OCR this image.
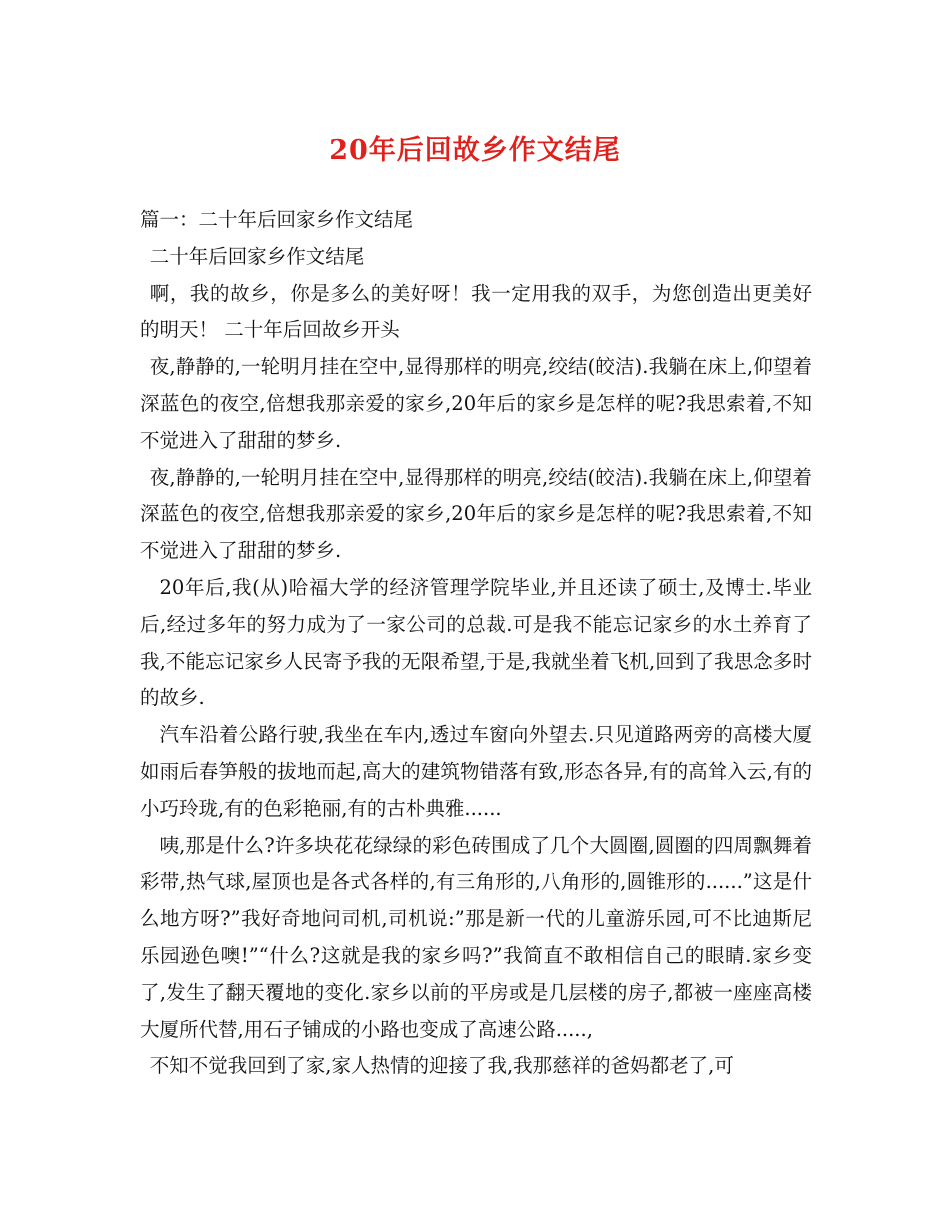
20年后回故乡作文结尾

篇一：二十年后回家乡作文结尾

二十年后回家乡作文结尾

啊，我的故乡，你是多么的美好呀！我一定用我的双手，为您创造出更美好的明天！ 二十年后回故乡开头

夜,静静的,一轮明月挂在空中,显得那样的明亮,绞结(皎洁).我躺在床上,仰望着深蓝色的夜空,倍想我那亲爱的家乡,20年后的家乡是怎样的呢?我思索着,不知不觉进入了甜甜的梦乡.

夜,静静的,一轮明月挂在空中,显得那样的明亮,绞结(皎洁).我躺在床上,仰望着深蓝色的夜空,倍想我那亲爱的家乡,20年后的家乡是怎样的呢?我思索着,不知不觉进入了甜甜的梦乡.

20年后,我(从)哈福大学的经济管理学院毕业,并且还读了硕士,及博士.毕业后,经过多年的努力成为了一家公司的总裁.可是我不能忘记家乡的水土养育了我,不能忘记家乡人民寄予我的无限希望,于是,我就坐着飞机,回到了我思念多时的故乡.

汽车沿着公路行驶,我坐在车内,透过车窗向外望去.只见道路两旁的高楼大厦如雨后春笋般的拔地而起,高大的建筑物错落有致,形态各异,有的高耸入云,有的小巧玲珑,有的色彩艳丽,有的古朴典雅......

咦,那是什么?许多块花花绿绿的彩色砖围成了几个大圆圈,圆圈的四周飘舞着彩带,热气球,屋顶也是各式各样的,有三角形的,八角形的,圆锥形的......”这是什么地方呀?”我好奇地问司机,司机说:”那是新一代的儿童游乐园,可不比迪斯尼乐园逊色噢!”“什么?这就是我的家乡吗?”我简直不敢相信自己的眼睛.家乡变了,发生了翻天覆地的变化.家乡以前的平房或是几层楼的房子,都被一座座高楼大厦所代替,用石子铺成的小路也变成了高速公路.....,

不知不觉我回到了家,家人热情的迎接了我,我那慈祥的爸妈都老了,可
